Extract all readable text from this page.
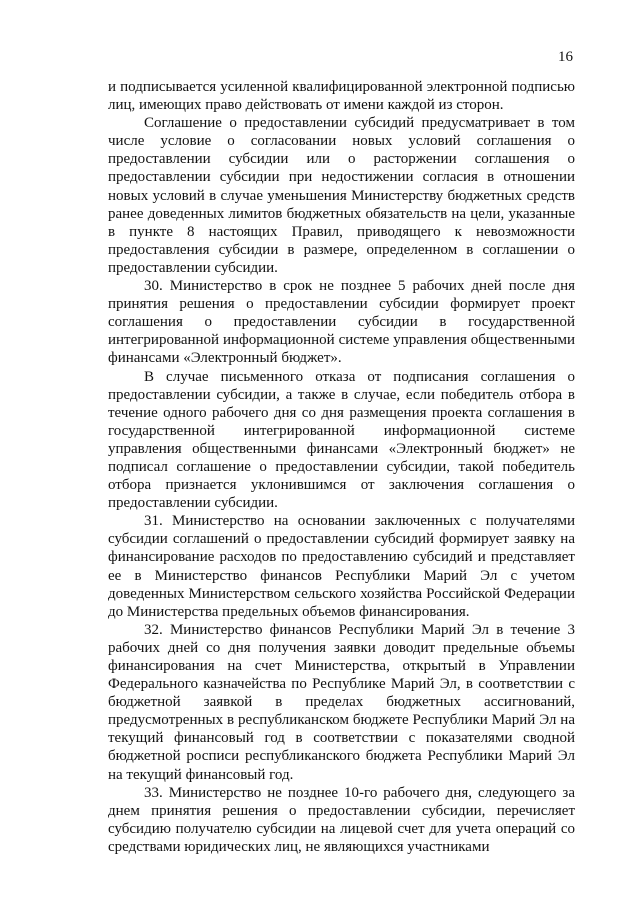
16

и подписывается усиленной квалифицированной электронной подписью лиц, имеющих право действовать от имени каждой из сторон.

Соглашение о предоставлении субсидий предусматривает в том числе условие о согласовании новых условий соглашения о предоставлении субсидии или о расторжении соглашения о предоставлении субсидии при недостижении согласия в отношении новых условий в случае уменьшения Министерству бюджетных средств ранее доведенных лимитов бюджетных обязательств на цели, указанные в пункте 8 настоящих Правил, приводящего к невозможности предоставления субсидии в размере, определенном в соглашении о предоставлении субсидии.

30. Министерство в срок не позднее 5 рабочих дней после дня принятия решения о предоставлении субсидии формирует проект соглашения о предоставлении субсидии в государственной интегрированной информационной системе управления общественными финансами «Электронный бюджет».

В случае письменного отказа от подписания соглашения о предоставлении субсидии, а также в случае, если победитель отбора в течение одного рабочего дня со дня размещения проекта соглашения в государственной интегрированной информационной системе управления общественными финансами «Электронный бюджет» не подписал соглашение о предоставлении субсидии, такой победитель отбора признается уклонившимся от заключения соглашения о предоставлении субсидии.

31. Министерство на основании заключенных с получателями субсидии соглашений о предоставлении субсидий формирует заявку на финансирование расходов по предоставлению субсидий и представляет ее в Министерство финансов Республики Марий Эл с учетом доведенных Министерством сельского хозяйства Российской Федерации до Министерства предельных объемов финансирования.

32. Министерство финансов Республики Марий Эл в течение 3 рабочих дней со дня получения заявки доводит предельные объемы финансирования на счет Министерства, открытый в Управлении Федерального казначейства по Республике Марий Эл, в соответствии с бюджетной заявкой в пределах бюджетных ассигнований, предусмотренных в республиканском бюджете Республики Марий Эл на текущий финансовый год в соответствии с показателями сводной бюджетной росписи республиканского бюджета Республики Марий Эл на текущий финансовый год.

33. Министерство не позднее 10-го рабочего дня, следующего за днем принятия решения о предоставлении субсидии, перечисляет субсидию получателю субсидии на лицевой счет для учета операций со средствами юридических лиц, не являющихся участниками
